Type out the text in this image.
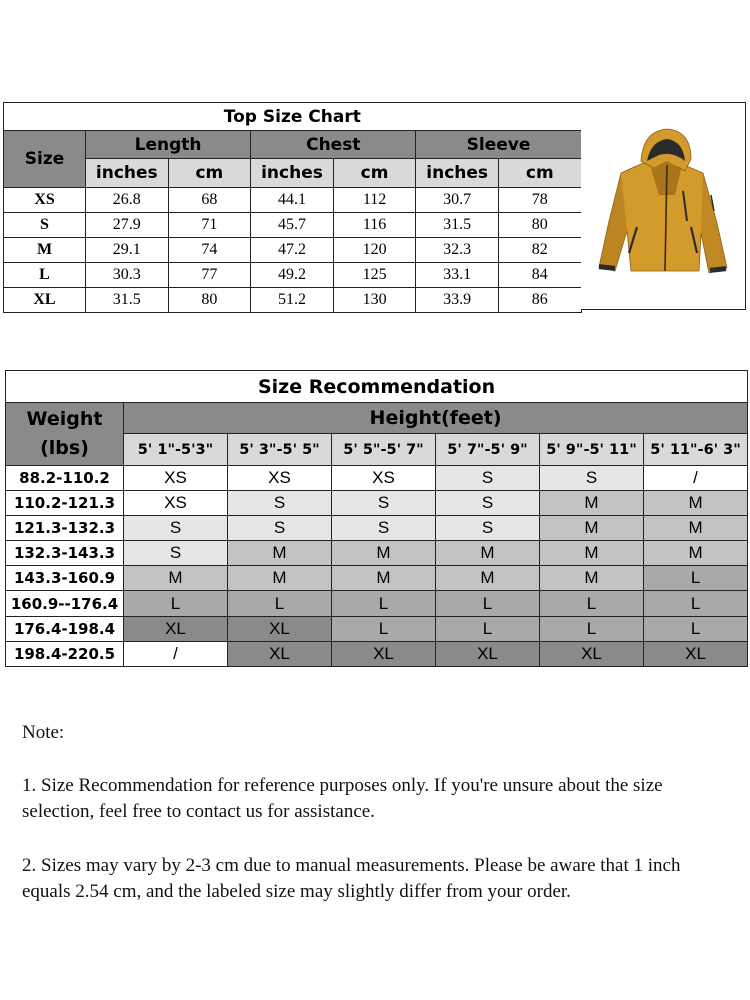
Top Size Chart						
Size	Length		Chest		Sleeve	
	inches	cm	inches	cm	inches	cm
XS	26.8	68	44.1	112	30.7	78
S	27.9	71	45.7	116	31.5	80
M	29.1	74	47.2	120	32.3	82
L	30.3	77	49.2	125	33.1	84
XL	31.5	80	51.2	130	33.9	86
Size Recommendation						

Weight
(lbs)	Height(feet)					
	5' 1"-5'3"	5' 3"-5' 5"	5' 5"-5' 7"	5' 7"-5' 9"	5' 9"-5' 11"	5' 11"-6' 3"
88.2-110.2	XS	XS	XS	S	S	/
110.2-121.3	XS	S	S	S	M	M
121.3-132.3	S	S	S	S	M	M
132.3-143.3	S	M	M	M	M	M
143.3-160.9	M	M	M	M	M	L
160.9--176.4	L	L	L	L	L	L
176.4-198.4	XL	XL	L	L	L	L
198.4-220.5	/	XL	XL	XL	XL	XL
Note:
1. Size Recommendation for reference purposes only. If you're unsure about the size selection, feel free to contact us for assistance.
2. Sizes may vary by 2-3 cm due to manual measurements. Please be aware that 1 inch equals 2.54 cm, and the labeled size may slightly differ from your order.
